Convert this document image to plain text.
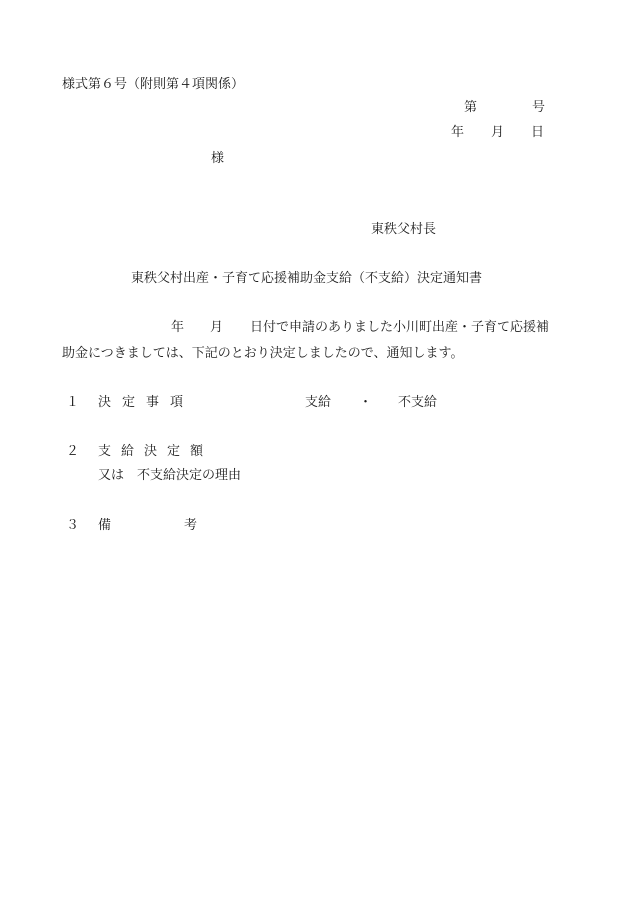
様式第６号（附則第４項関係）
第	号
年 月 日
様
東秩父村長
東秩父村出産・子育て応援補助金支給（不支給）決定通知書
年 月 日付で申請のありました小川町出産・子育て応援補
助金につきましては、下記のとおり決定しましたので、通知します。
１ 決定事項	支給 ・ 不支給
２ 支給決定額
又は　不支給決定の理由
３ 備	考
